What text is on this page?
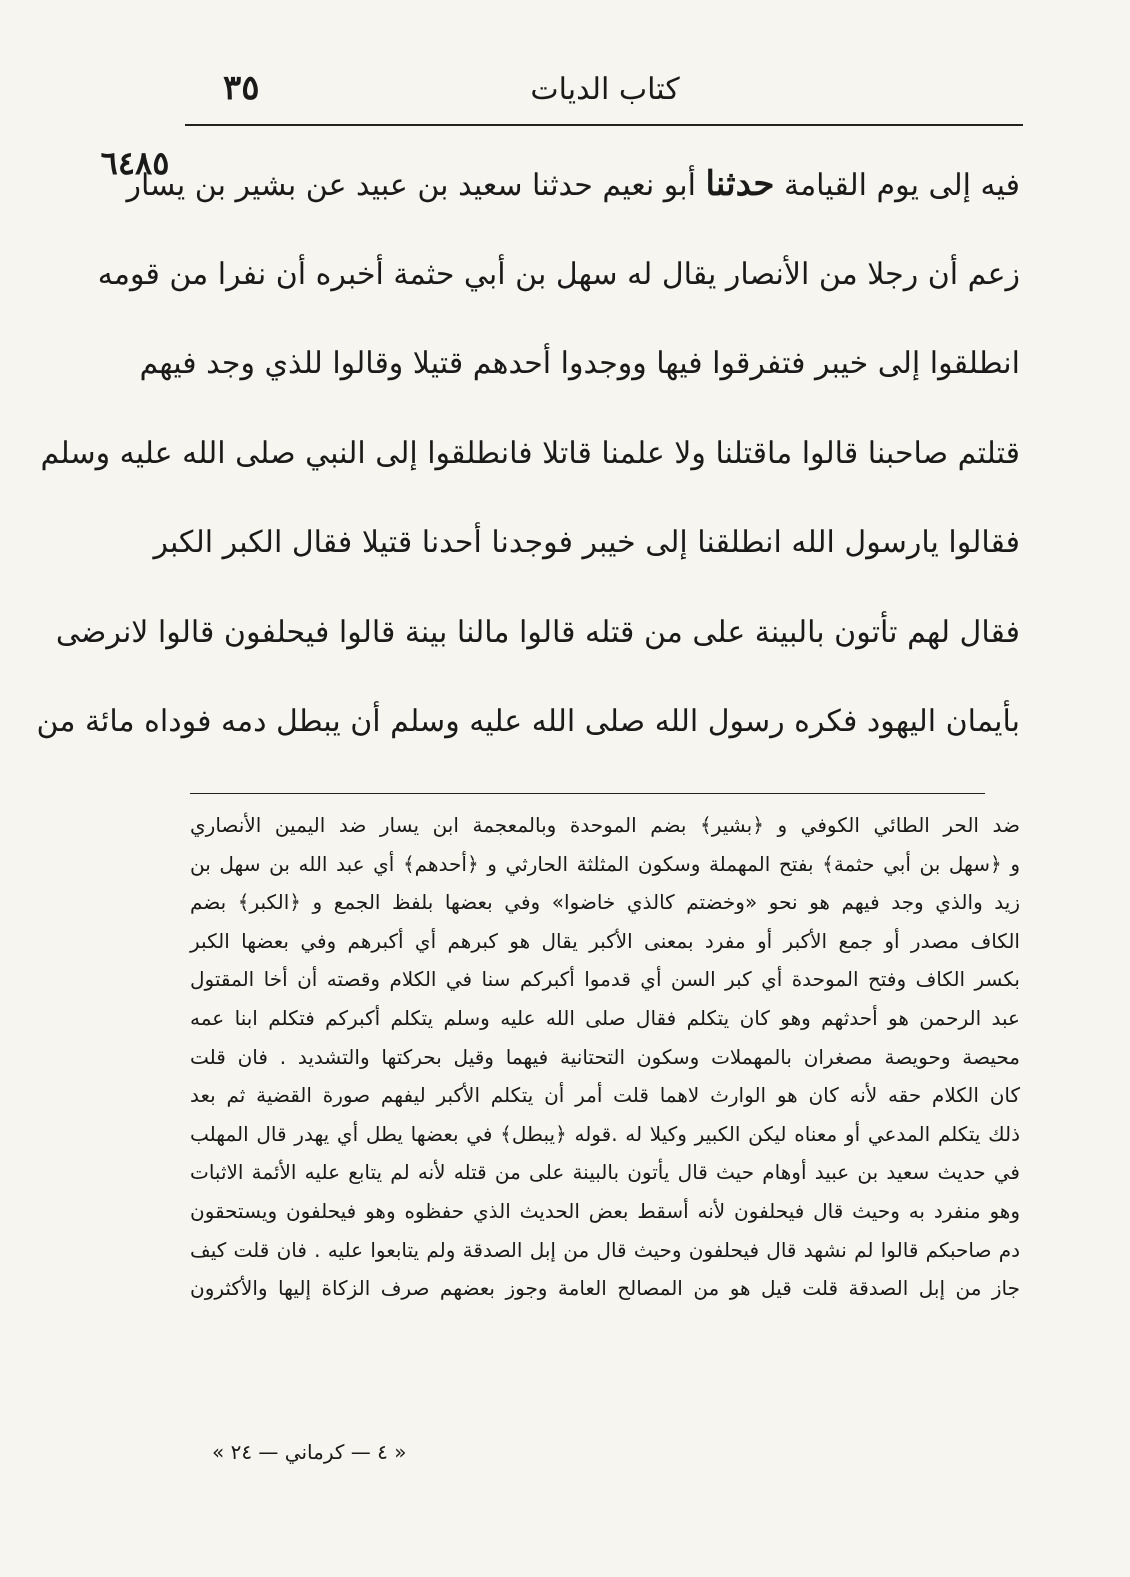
كتاب الديات
٣٥
٦٤٨٥
فيه إلى يوم القيامة حدثنا أبو نعيم حدثنا سعيد بن عبيد عن بشير بن يسار
زعم أن رجلا من الأنصار يقال له سهل بن أبي حثمة أخبره أن نفرا من قومه
انطلقوا إلى خيبر فتفرقوا فيها ووجدوا أحدهم قتيلا وقالوا للذي وجد فيهم
قتلتم صاحبنا قالوا ماقتلنا ولا علمنا قاتلا فانطلقوا إلى النبي صلى الله عليه وسلم
فقالوا يارسول الله انطلقنا إلى خيبر فوجدنا أحدنا قتيلا فقال الكبر الكبر
فقال لهم تأتون بالبينة على من قتله قالوا مالنا بينة قالوا فيحلفون قالوا لانرضى
بأيمان اليهود فكره رسول الله صلى الله عليه وسلم أن يبطل دمه فوداه مائة من
ضد الحر الطائي الكوفي و ﴿بشير﴾ بضم الموحدة وبالمعجمة ابن يسار ضد اليمين الأنصاري
و ﴿سهل بن أبي حثمة﴾ بفتح المهملة وسكون المثلثة الحارثي و ﴿أحدهم﴾ أي عبد الله بن سهل بن
زيد والذي وجد فيهم هو نحو «وخضتم كالذي خاضوا» وفي بعضها بلفظ الجمع و ﴿الكبر﴾ بضم
الكاف مصدر أو جمع الأكبر أو مفرد بمعنى الأكبر يقال هو كبرهم أي أكبرهم وفي بعضها الكبر
بكسر الكاف وفتح الموحدة أي كبر السن أي قدموا أكبركم سنا في الكلام وقصته أن أخا المقتول
عبد الرحمن هو أحدثهم وهو كان يتكلم فقال صلى الله عليه وسلم يتكلم أكبركم فتكلم ابنا عمه
محيصة وحويصة مصغران بالمهملات وسكون التحتانية فيهما وقيل بحركتها والتشديد . فان قلت
كان الكلام حقه لأنه كان هو الوارث لاهما قلت أمر أن يتكلم الأكبر ليفهم صورة القضية ثم بعد
ذلك يتكلم المدعي أو معناه ليكن الكبير وكيلا له .قوله ﴿يبطل﴾ في بعضها يطل أي يهدر قال المهلب
في حديث سعيد بن عبيد أوهام حيث قال يأتون بالبينة على من قتله لأنه لم يتابع عليه الأئمة الاثبات
وهو منفرد به وحيث قال فيحلفون لأنه أسقط بعض الحديث الذي حفظوه وهو فيحلفون ويستحقون
دم صاحبكم قالوا لم نشهد قال فيحلفون وحيث قال من إبل الصدقة ولم يتابعوا عليه . فان قلت كيف
جاز من إبل الصدقة قلت قيل هو من المصالح العامة وجوز بعضهم صرف الزكاة إليها والأكثرون
« ٤ — كرماني — ٢٤ »
